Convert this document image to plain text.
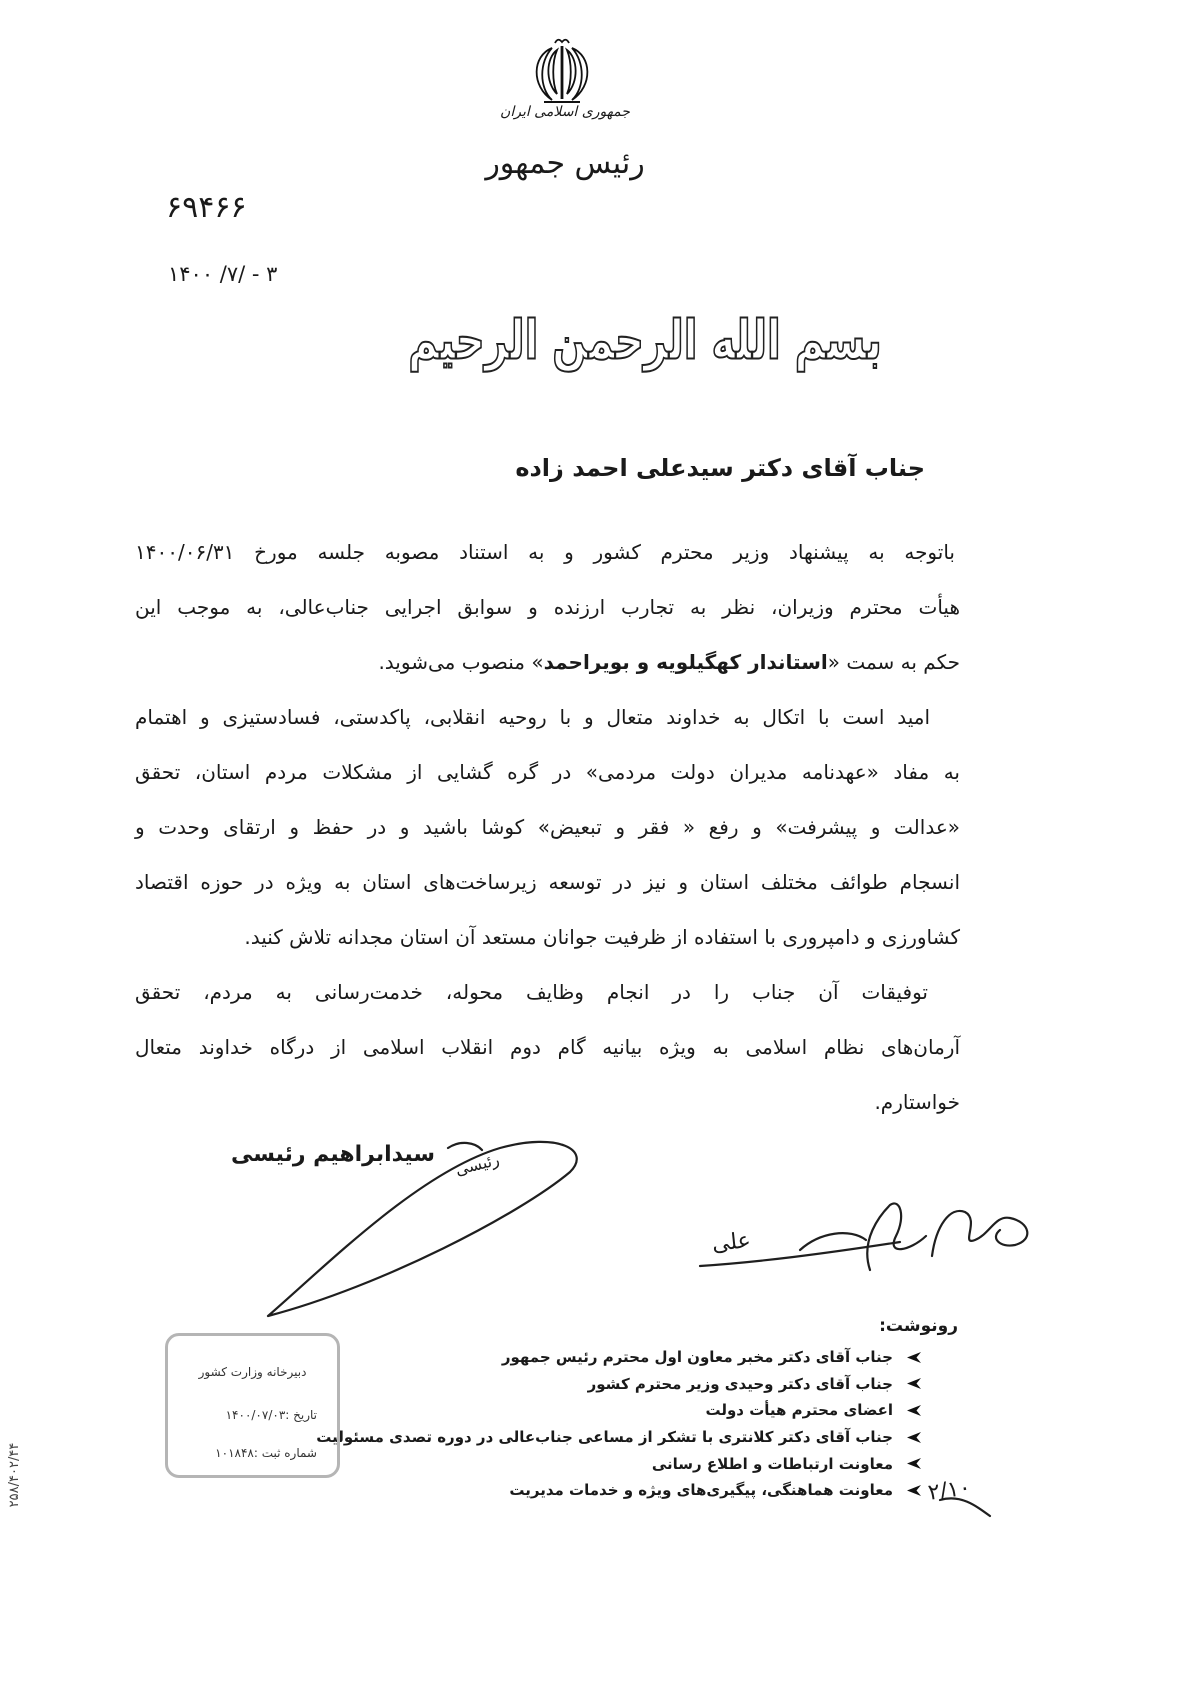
جمهوری اسلامی ایران
رئیس جمهور
۶۹۴۶۶
۱۴۰۰ /۷/ - ۳
بسم الله الرحمن الرحیم
جناب آقای دکتر سیدعلی احمد زاده
باتوجه به پیشنهاد وزیر محترم کشور و به استناد مصوبه جلسه مورخ ۱۴۰۰/۰۶/۳۱
هیأت محترم وزیران، نظر به تجارب ارزنده و سوابق اجرایی جناب‌عالی، به موجب این
حکم به سمت «استاندار کهگیلویه و بویراحمد» منصوب می‌شوید.
امید است با اتکال به خداوند متعال و با روحیه انقلابی، پاکدستی، فسادستیزی و اهتمام
به مفاد «عهدنامه مدیران دولت مردمی» در گره گشایی از مشکلات مردم استان، تحقق
«عدالت و پیشرفت» و رفع « فقر و تبعیض» کوشا باشید و در حفظ و ارتقای وحدت و
انسجام طوائف مختلف استان و نیز در توسعه زیرساخت‌های استان به ویژه در حوزه اقتصاد
کشاورزی و دامپروری با استفاده از ظرفیت جوانان مستعد آن استان مجدانه تلاش کنید.
توفیقات آن جناب را در انجام وظایف محوله، خدمت‌رسانی به مردم، تحقق
آرمان‌های نظام اسلامی به ویژه بیانیه گام دوم انقلاب اسلامی از درگاه خداوند متعال
خواستارم.
سیدابراهیم رئیسی رئیسی
علی
۲/۱۰
۲۵۸/۴۰۲/۴۴
رونوشت:
جناب آقای دکتر مخبر معاون اول محترم رئیس جمهور
جناب آقای دکتر وحیدی وزیر محترم کشور
اعضای محترم هیأت دولت
جناب آقای دکتر کلانتری با تشکر از مساعی جناب‌عالی در دوره تصدی مسئولیت
معاونت ارتباطات و اطلاع رسانی
معاونت هماهنگی، پیگیری‌های ویژه و خدمات مدیریت
دبیرخانه وزارت کشور
تاریخ :۱۴۰۰/۰۷/۰۳
شماره ثبت :۱۰۱۸۴۸
